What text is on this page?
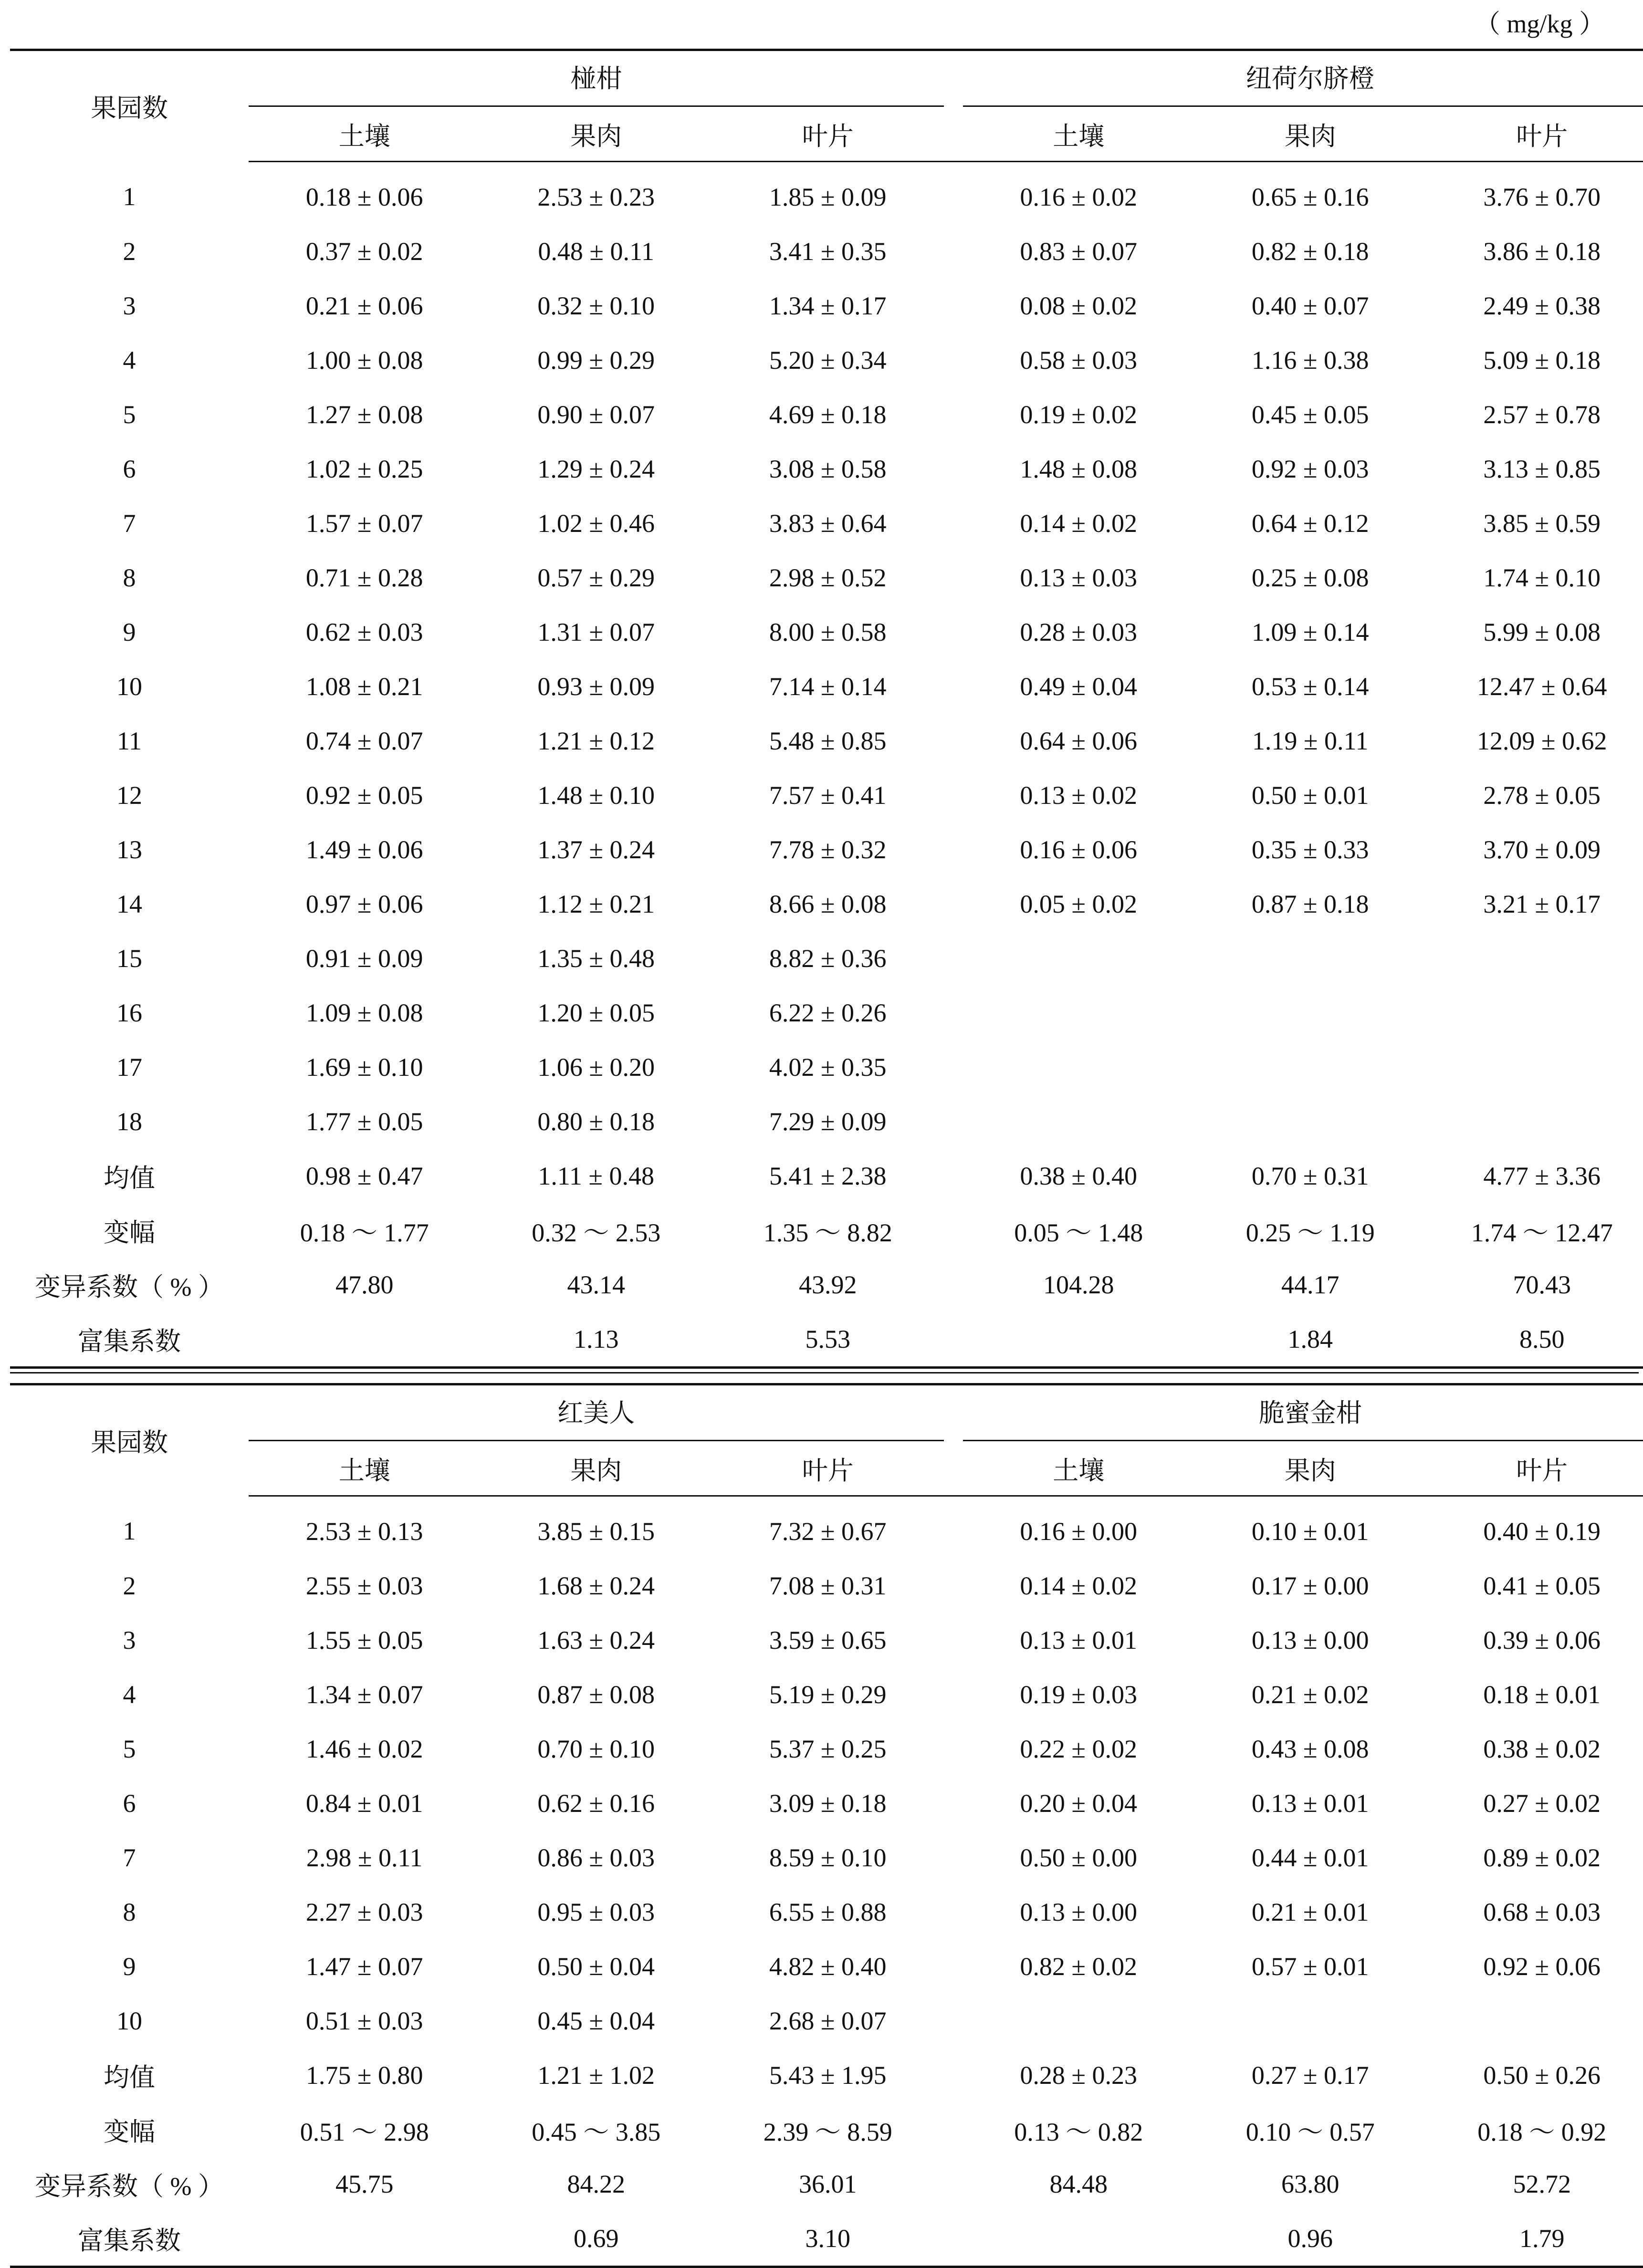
（ mg/kg ）
果园数	椪柑				纽荷尔脐橙		

	土壤	果肉	叶片		土壤	果肉	叶片
1	0.18 ± 0.06	2.53 ± 0.23	1.85 ± 0.09		0.16 ± 0.02	0.65 ± 0.16	3.76 ± 0.70
2	0.37 ± 0.02	0.48 ± 0.11	3.41 ± 0.35		0.83 ± 0.07	0.82 ± 0.18	3.86 ± 0.18
3	0.21 ± 0.06	0.32 ± 0.10	1.34 ± 0.17		0.08 ± 0.02	0.40 ± 0.07	2.49 ± 0.38
4	1.00 ± 0.08	0.99 ± 0.29	5.20 ± 0.34		0.58 ± 0.03	1.16 ± 0.38	5.09 ± 0.18
5	1.27 ± 0.08	0.90 ± 0.07	4.69 ± 0.18		0.19 ± 0.02	0.45 ± 0.05	2.57 ± 0.78
6	1.02 ± 0.25	1.29 ± 0.24	3.08 ± 0.58		1.48 ± 0.08	0.92 ± 0.03	3.13 ± 0.85
7	1.57 ± 0.07	1.02 ± 0.46	3.83 ± 0.64		0.14 ± 0.02	0.64 ± 0.12	3.85 ± 0.59
8	0.71 ± 0.28	0.57 ± 0.29	2.98 ± 0.52		0.13 ± 0.03	0.25 ± 0.08	1.74 ± 0.10
9	0.62 ± 0.03	1.31 ± 0.07	8.00 ± 0.58		0.28 ± 0.03	1.09 ± 0.14	5.99 ± 0.08
10	1.08 ± 0.21	0.93 ± 0.09	7.14 ± 0.14		0.49 ± 0.04	0.53 ± 0.14	12.47 ± 0.64
11	0.74 ± 0.07	1.21 ± 0.12	5.48 ± 0.85		0.64 ± 0.06	1.19 ± 0.11	12.09 ± 0.62
12	0.92 ± 0.05	1.48 ± 0.10	7.57 ± 0.41		0.13 ± 0.02	0.50 ± 0.01	2.78 ± 0.05
13	1.49 ± 0.06	1.37 ± 0.24	7.78 ± 0.32		0.16 ± 0.06	0.35 ± 0.33	3.70 ± 0.09
14	0.97 ± 0.06	1.12 ± 0.21	8.66 ± 0.08		0.05 ± 0.02	0.87 ± 0.18	3.21 ± 0.17
15	0.91 ± 0.09	1.35 ± 0.48	8.82 ± 0.36				
16	1.09 ± 0.08	1.20 ± 0.05	6.22 ± 0.26				
17	1.69 ± 0.10	1.06 ± 0.20	4.02 ± 0.35				
18	1.77 ± 0.05	0.80 ± 0.18	7.29 ± 0.09				
均值	0.98 ± 0.47	1.11 ± 0.48	5.41 ± 2.38		0.38 ± 0.40	0.70 ± 0.31	4.77 ± 3.36
变幅	0.18 ～ 1.77	0.32 ～ 2.53	1.35 ～ 8.82		0.05 ～ 1.48	0.25 ～ 1.19	1.74 ～ 12.47
变异系数（ % ）	47.80	43.14	43.92		104.28	44.17	70.43
富集系数		1.13	5.53			1.84	8.50
果园数	红美人				脆蜜金柑		

	土壤	果肉	叶片		土壤	果肉	叶片
1	2.53 ± 0.13	3.85 ± 0.15	7.32 ± 0.67		0.16 ± 0.00	0.10 ± 0.01	0.40 ± 0.19
2	2.55 ± 0.03	1.68 ± 0.24	7.08 ± 0.31		0.14 ± 0.02	0.17 ± 0.00	0.41 ± 0.05
3	1.55 ± 0.05	1.63 ± 0.24	3.59 ± 0.65		0.13 ± 0.01	0.13 ± 0.00	0.39 ± 0.06
4	1.34 ± 0.07	0.87 ± 0.08	5.19 ± 0.29		0.19 ± 0.03	0.21 ± 0.02	0.18 ± 0.01
5	1.46 ± 0.02	0.70 ± 0.10	5.37 ± 0.25		0.22 ± 0.02	0.43 ± 0.08	0.38 ± 0.02
6	0.84 ± 0.01	0.62 ± 0.16	3.09 ± 0.18		0.20 ± 0.04	0.13 ± 0.01	0.27 ± 0.02
7	2.98 ± 0.11	0.86 ± 0.03	8.59 ± 0.10		0.50 ± 0.00	0.44 ± 0.01	0.89 ± 0.02
8	2.27 ± 0.03	0.95 ± 0.03	6.55 ± 0.88		0.13 ± 0.00	0.21 ± 0.01	0.68 ± 0.03
9	1.47 ± 0.07	0.50 ± 0.04	4.82 ± 0.40		0.82 ± 0.02	0.57 ± 0.01	0.92 ± 0.06
10	0.51 ± 0.03	0.45 ± 0.04	2.68 ± 0.07				
均值	1.75 ± 0.80	1.21 ± 1.02	5.43 ± 1.95		0.28 ± 0.23	0.27 ± 0.17	0.50 ± 0.26
变幅	0.51 ～ 2.98	0.45 ～ 3.85	2.39 ～ 8.59		0.13 ～ 0.82	0.10 ～ 0.57	0.18 ～ 0.92
变异系数（ % ）	45.75	84.22	36.01		84.48	63.80	52.72
富集系数		0.69	3.10			0.96	1.79
